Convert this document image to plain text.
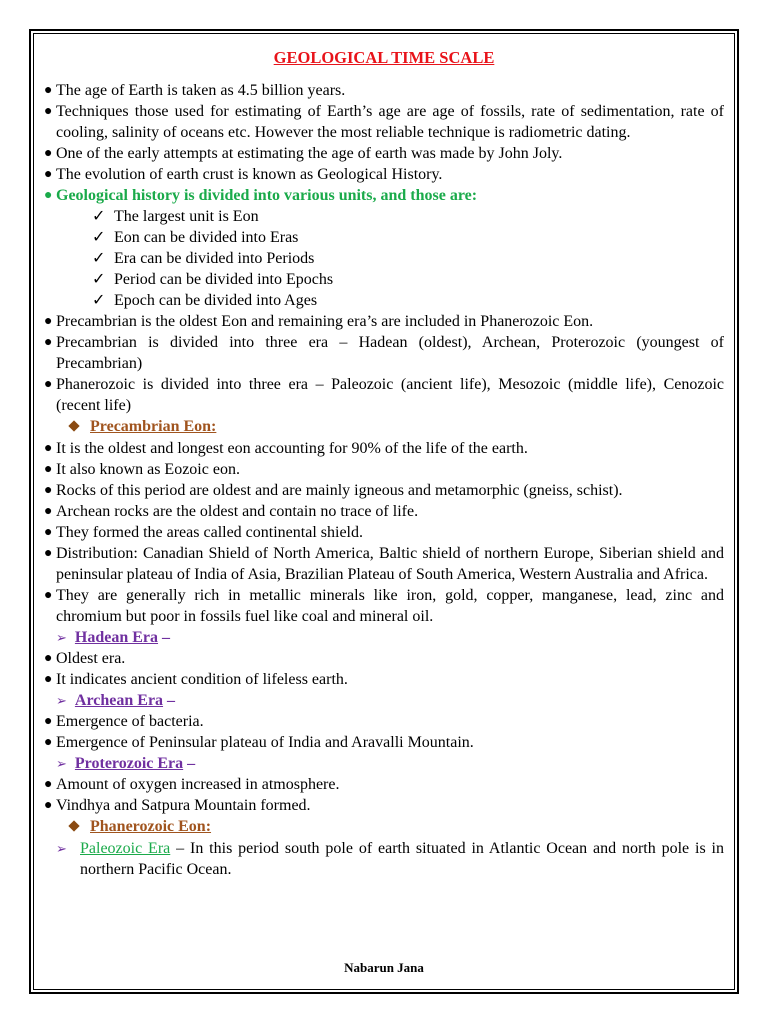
GEOLOGICAL TIME SCALE
● The age of Earth is taken as 4.5 billion years.
● Techniques those used for estimating of Earth’s age are age of fossils, rate of sedimentation, rate of cooling, salinity of oceans etc. However the most reliable technique is radiometric dating.
● One of the early attempts at estimating the age of earth was made by John Joly.
● The evolution of earth crust is known as Geological History.
● Geological history is divided into various units, and those are:
✓ The largest unit is Eon
✓ Eon can be divided into Eras
✓ Era can be divided into Periods
✓ Period can be divided into Epochs
✓ Epoch can be divided into Ages
● Precambrian is the oldest Eon and remaining era’s are included in Phanerozoic Eon.
● Precambrian is divided into three era – Hadean (oldest), Archean, Proterozoic (youngest of Precambrian)
● Phanerozoic is divided into three era – Paleozoic (ancient life), Mesozoic (middle life), Cenozoic (recent life)
Precambrian Eon:
● It is the oldest and longest eon accounting for 90% of the life of the earth.
● It also known as Eozoic eon.
● Rocks of this period are oldest and are mainly igneous and metamorphic (gneiss, schist).
● Archean rocks are the oldest and contain no trace of life.
● They formed the areas called continental shield.
● Distribution: Canadian Shield of North America, Baltic shield of northern Europe, Siberian shield and peninsular plateau of India of Asia, Brazilian Plateau of South America, Western Australia and Africa.
● They are generally rich in metallic minerals like iron, gold, copper, manganese, lead, zinc and chromium but poor in fossils fuel like coal and mineral oil.
➢ Hadean Era –
● Oldest era.
● It indicates ancient condition of lifeless earth.
➢ Archean Era –
● Emergence of bacteria.
● Emergence of Peninsular plateau of India and Aravalli Mountain.
➢ Proterozoic Era –
● Amount of oxygen increased in atmosphere.
● Vindhya and Satpura Mountain formed.
Phanerozoic Eon:
➢ Paleozoic Era – In this period south pole of earth situated in Atlantic Ocean and north pole is in northern Pacific Ocean.
Nabarun Jana
